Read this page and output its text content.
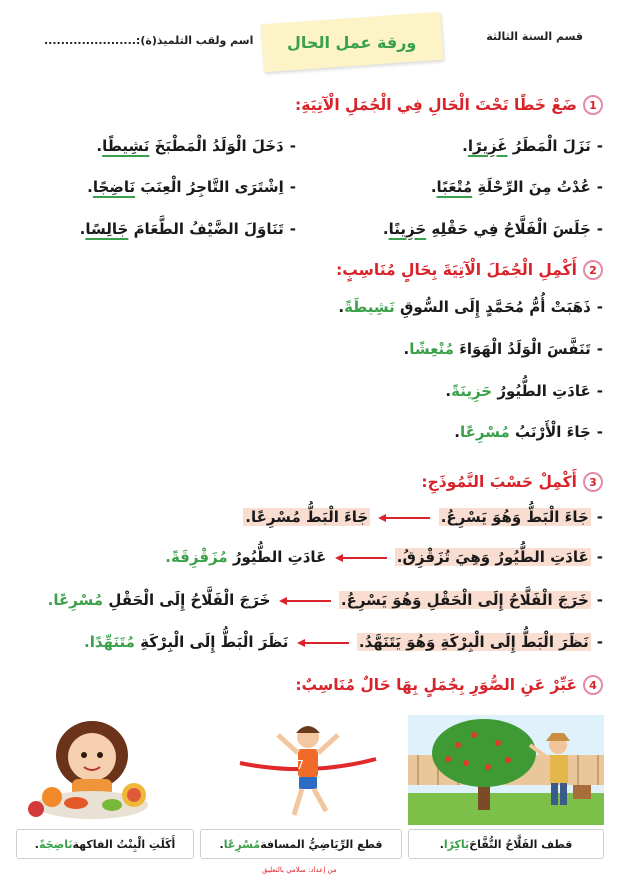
قسم السنة الثالثة
اسم ولقب التلميذ(ة):...................... ورقة عمل الحال
1
ضَعْ خَطًا تَحْتَ الْحَالِ فِي الْجُمَلِ الْآتِيَةِ:
-نَزَلَ الْمَطَرُ غَزِيرًا.
-دَخَلَ الْوَلَدُ الْمَطْبَخَ نَشِيطًا.
-عُدْتُ مِنَ الرِّحْلَةِ مُتْعَبًا.
-اِشْتَرَى التَّاجِرُ الْعِنَبَ نَاضِجًا.
-جَلَسَ الْفَلَّاحُ فِي حَقْلِهِ حَزِينًا.
-تَنَاوَلَ الضَّيْفُ الطَّعَامَ جَالِسًا.
2
أَكْمِلِ الْجُمَلَ الْآتِيَةَ بِحَالٍ مُنَاسِبٍ:
-ذَهَبَتْ أُمُّ مُحَمَّدٍ إِلَى السُّوقِ نَشِيطَةً.
-تَنَفَّسَ الْوَلَدُ الْهَوَاءَ مُنْعِشًا.
-عَادَتِ الطُّيُورُ حَزِينَةً.
-جَاءَ الْأَرْنَبُ مُسْرِعًا.
3
أَكْمِلْ حَسْبَ النَّمُوذَجِ:
-جَاءَ الْبَطُّ وَهُوَ يَسْرِعُ.  جَاءَ الْبَطُّ مُسْرِعًا.
-عَادَتِ الطُّيُورُ وَهِيَ تُزَقْزِقُ.  عَادَتِ الطُّيُورُ مُزَقْزِقَةً.
-خَرَجَ الْفَلَّاحُ إِلَى الْحَقْلِ وَهُوَ يَسْرِعُ.  خَرَجَ الْفَلَّاحُ إِلَى الْحَقْلِ مُسْرِعًا.
-نَظَرَ الْبَطُّ إِلَى الْبِرْكَةِ وَهُوَ يَتَنَهَّدُ.  نَظَرَ الْبَطُّ إِلَى الْبِرْكَةِ مُتَنَهِّدًا.
4
عَبِّرْ عَنِ الصُّوَرِ بِجُمَلٍ بِهَا حَالٌ مُنَاسِبٌ:
7
قطف الفَلَّاحُ التُّفَّاحَ
بَاكِرًا
.
قطع الرِّيَاضِيُّ المسافة
مُسْرِعًا
.
أَكَلَتِ الْبِنْتُ الفاكهة
نَاضِجَةً
.
من إعداد: سلامي بالتعليق
